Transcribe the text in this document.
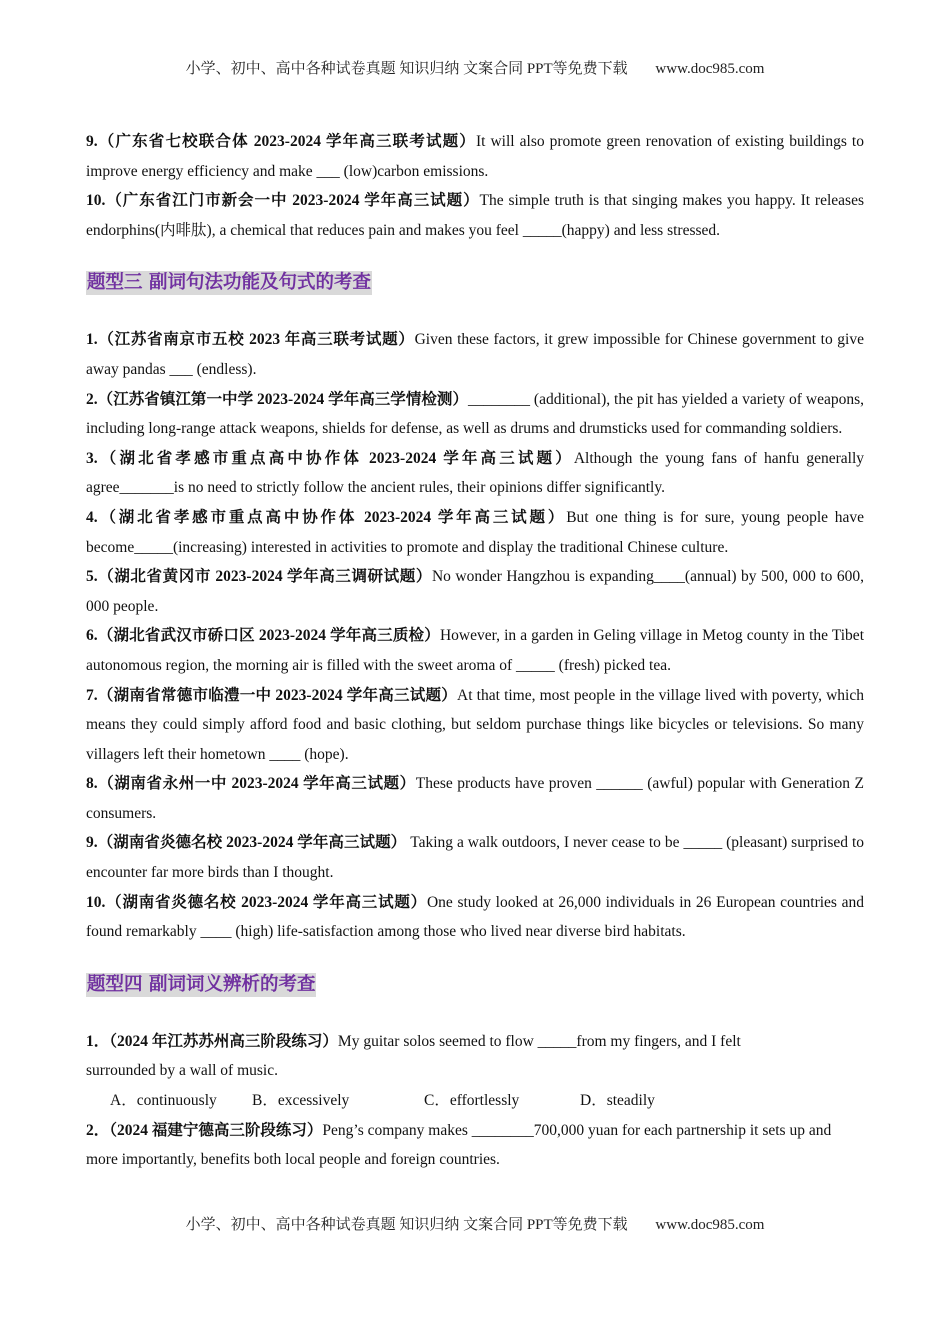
小学、初中、高中各种试卷真题 知识归纳 文案合同 PPT等免费下载 www.doc985.com

9.（广东省七校联合体 2023-2024 学年高三联考试题）It will also promote green renovation of existing buildings to improve energy efficiency and make ___ (low)carbon emissions.

10.（广东省江门市新会一中 2023-2024 学年高三试题）The simple truth is that singing makes you happy. It releases endorphins(内啡肽), a chemical that reduces pain and makes you feel _____(happy) and less stressed.

题型三 副词句法功能及句式的考查

1.（江苏省南京市五校 2023 年高三联考试题）Given these factors, it grew impossible for Chinese government to give away pandas ___ (endless).

2.（江苏省镇江第一中学 2023-2024 学年高三学情检测）________ (additional), the pit has yielded a variety of weapons, including long-range attack weapons, shields for defense, as well as drums and drumsticks used for commanding soldiers.

3.（湖北省孝感市重点高中协作体 2023-2024 学年高三试题）Although the young fans of hanfu generally agree_______is no need to strictly follow the ancient rules, their opinions differ significantly.

4.（湖北省孝感市重点高中协作体 2023-2024 学年高三试题）But one thing is for sure, young people have become_____(increasing) interested in activities to promote and display the traditional Chinese culture.

5.（湖北省黄冈市 2023-2024 学年高三调研试题）No wonder Hangzhou is expanding____(annual) by 500, 000 to 600, 000 people.

6.（湖北省武汉市硚口区 2023-2024 学年高三质检）However, in a garden in Geling village in Metog county in the Tibet autonomous region, the morning air is filled with the sweet aroma of _____ (fresh) picked tea.

7.（湖南省常德市临澧一中 2023-2024 学年高三试题）At that time, most people in the village lived with poverty, which means they could simply afford food and basic clothing, but seldom purchase things like bicycles or televisions. So many villagers left their hometown ____ (hope).

8.（湖南省永州一中 2023-2024 学年高三试题）These products have proven ______ (awful) popular with Generation Z consumers.

9.（湖南省炎德名校 2023-2024 学年高三试题） Taking a walk outdoors, I never cease to be _____ (pleasant) surprised to encounter far more birds than I thought.

10.（湖南省炎德名校 2023-2024 学年高三试题）One study looked at 26,000 individuals in 26 European countries and found remarkably ____ (high) life-satisfaction among those who lived near diverse bird habitats.

题型四 副词词义辨析的考查

1．（2024 年江苏苏州高三阶段练习）My guitar solos seemed to flow _____from my fingers, and I felt surrounded by a wall of music.

A．continuously B．excessively	C．effortlessly	D．steadily

2．（2024 福建宁德高三阶段练习）Peng’s company makes ________700,000 yuan for each partnership it sets up and more importantly, benefits both local people and foreign countries.

小学、初中、高中各种试卷真题 知识归纳 文案合同 PPT等免费下载 www.doc985.com
